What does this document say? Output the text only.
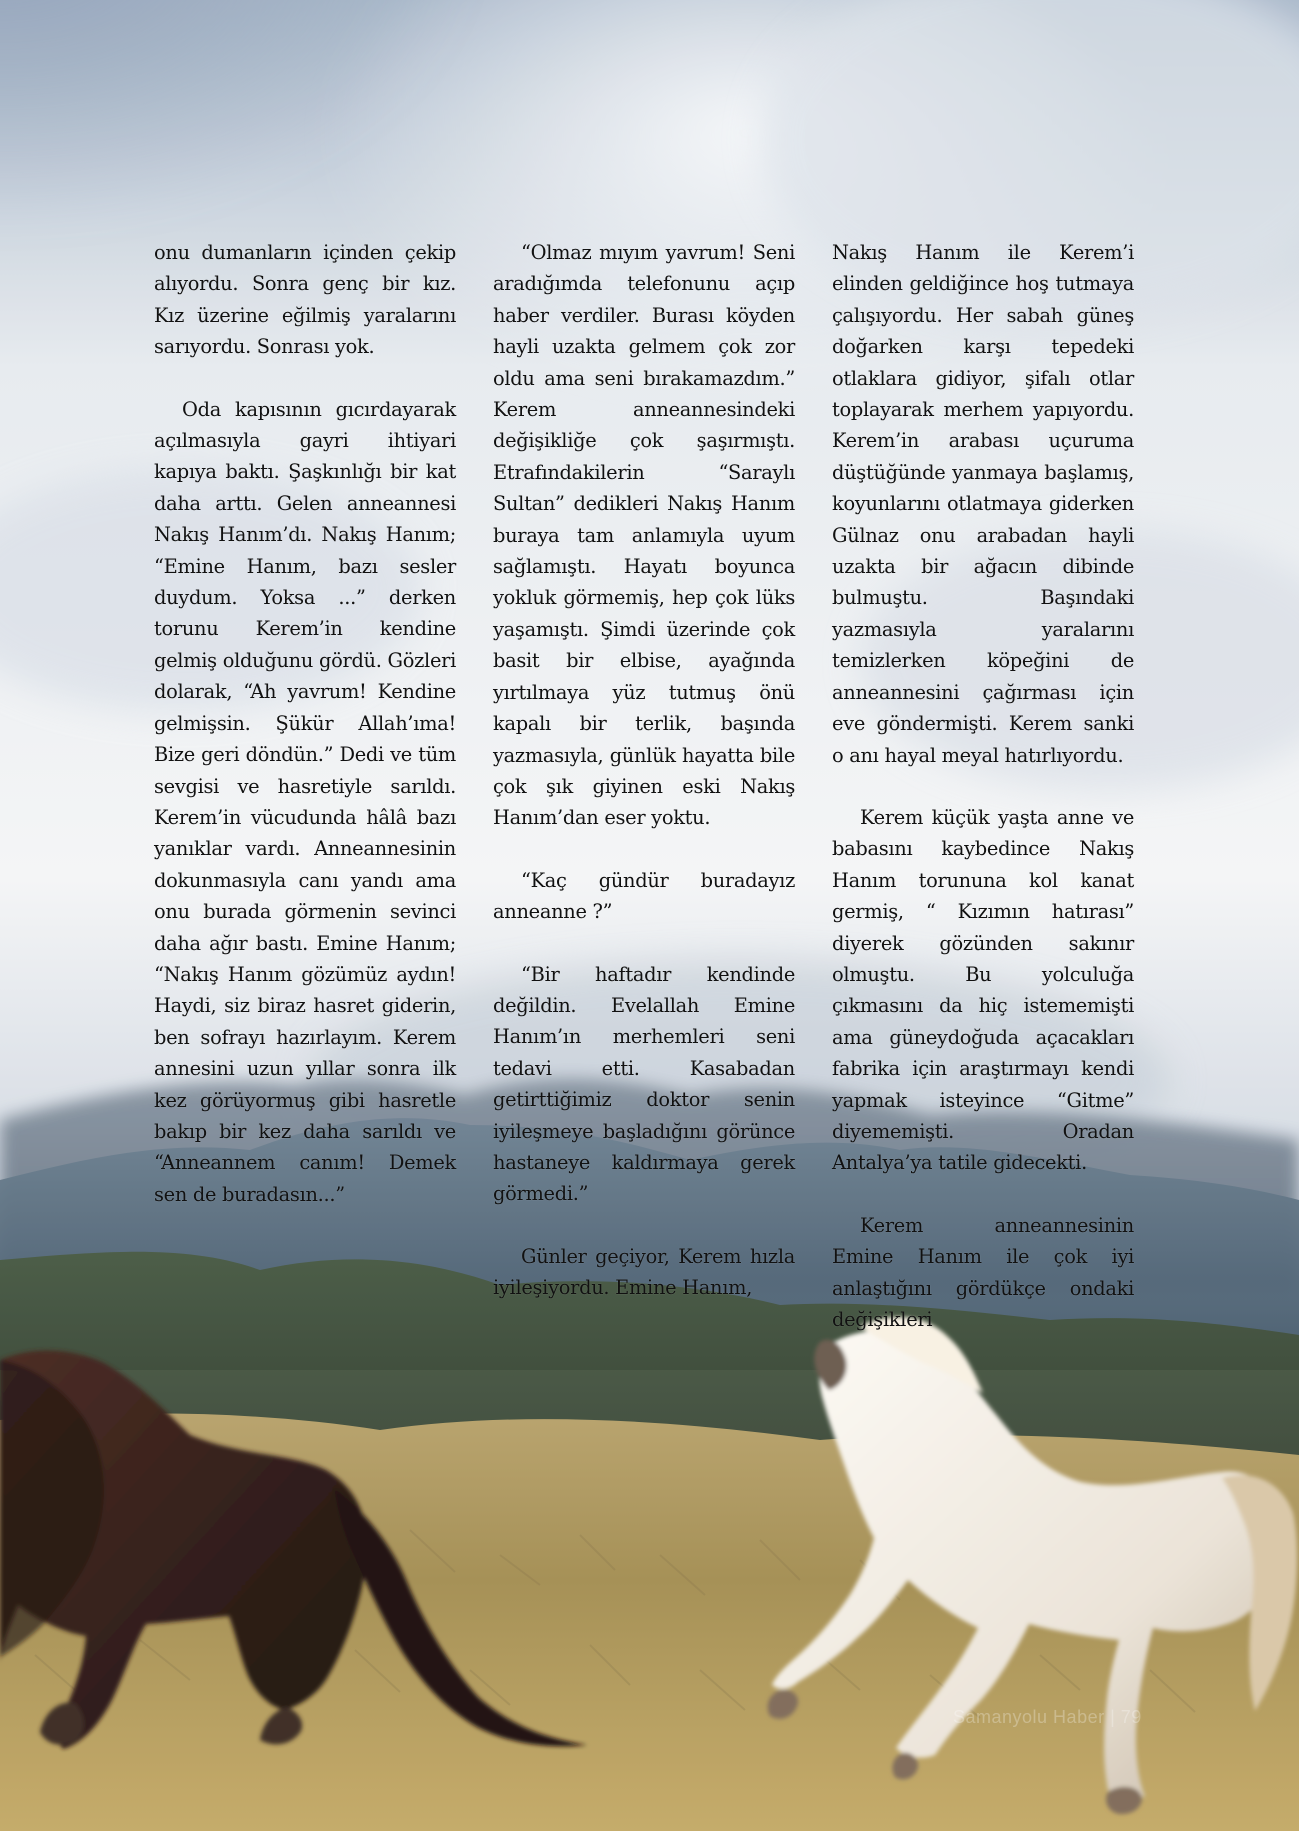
onu dumanların içinden çekip alıyordu. Sonra genç bir kız. Kız üzerine eğilmiş yaralarını sarıyordu. Sonrası yok.

Oda kapısının gıcırdayarak açılmasıyla gayri ihtiyari kapıya baktı. Şaşkınlığı bir kat daha arttı. Gelen anneannesi Nakış Hanım’dı. Nakış Hanım; “Emine Hanım, bazı sesler duydum. Yoksa ...” derken torunu Kerem’in kendine gelmiş olduğunu gördü. Gözleri dolarak, “Ah yavrum! Kendine gelmişsin. Şükür Allah’ıma! Bize geri döndün.” Dedi ve tüm sevgisi ve hasretiyle sarıldı. Kerem’in vücudunda hâlâ bazı yanıklar vardı. Anneannesinin dokunmasıyla canı yandı ama onu burada görmenin sevinci daha ağır bastı. Emine Hanım; “Nakış Hanım gözümüz aydın! Haydi, siz biraz hasret giderin, ben sofrayı hazırlayım. Kerem annesini uzun yıllar sonra ilk kez görüyormuş gibi hasretle bakıp bir kez daha sarıldı ve “Anneannem canım! Demek sen de buradasın...”

“Olmaz mıyım yavrum! Seni aradığımda telefonunu açıp haber verdiler. Burası köyden hayli uzakta gelmem çok zor oldu ama seni bırakamazdım.” Kerem anneannesindeki değişikliğe çok şaşırmıştı. Etrafındakilerin “Saraylı Sultan” dedikleri Nakış Hanım buraya tam anlamıyla uyum sağlamıştı. Hayatı boyunca yokluk görmemiş, hep çok lüks yaşamıştı. Şimdi üzerinde çok basit bir elbise, ayağında yırtılmaya yüz tutmuş önü kapalı bir terlik, başında yazmasıyla, günlük hayatta bile çok şık giyinen eski Nakış Hanım’dan eser yoktu.

“Kaç gündür buradayız anneanne ?”

“Bir haftadır kendinde değildin. Evelallah Emine Hanım’ın merhemleri seni tedavi etti. Kasabadan getirttiğimiz doktor senin iyileşmeye başladığını görünce hastaneye kaldırmaya gerek görmedi.”

Günler geçiyor, Kerem hızla iyileşiyordu. Emine Hanım,

Nakış Hanım ile Kerem’i elinden geldiğince hoş tutmaya çalışıyordu. Her sabah güneş doğarken karşı tepedeki otlaklara gidiyor, şifalı otlar toplayarak merhem yapıyordu. Kerem’in arabası uçuruma düştüğünde yanmaya başlamış, koyunlarını otlatmaya giderken Gülnaz onu arabadan hayli uzakta bir ağacın dibinde bulmuştu. Başındaki yazmasıyla yaralarını temizlerken köpeğini de anneannesini çağırması için eve göndermişti. Kerem sanki o anı hayal meyal hatırlıyordu.

Kerem küçük yaşta anne ve babasını kaybedince Nakış Hanım torununa kol kanat germiş, “ Kızımın hatırası” diyerek gözünden sakınır olmuştu. Bu yolculuğa çıkmasını da hiç istememişti ama güneydoğuda açacakları fabrika için araştırmayı kendi yapmak isteyince “Gitme” diyememişti. Oradan Antalya’ya tatile gidecekti.

Kerem anneannesinin Emine Hanım ile çok iyi anlaştığını gördükçe ondaki değişikleri

Samanyolu Haber | 79
